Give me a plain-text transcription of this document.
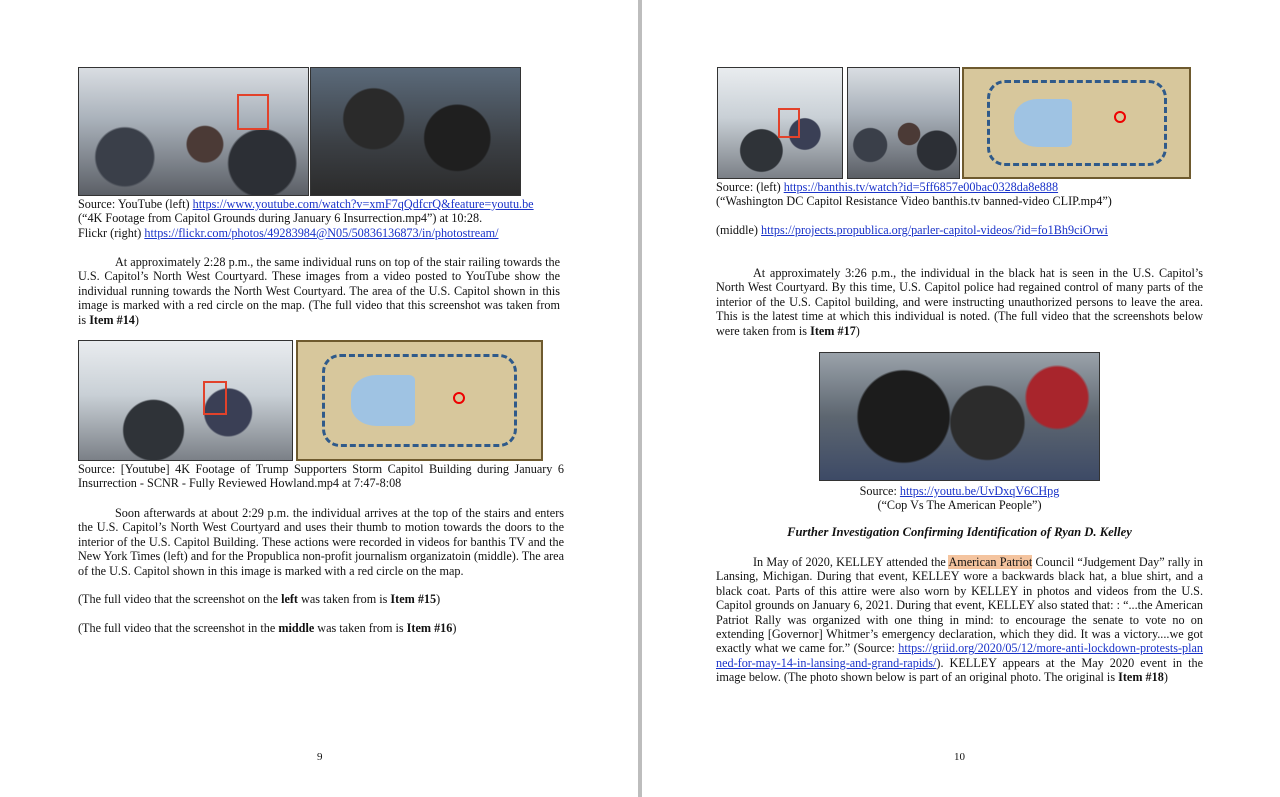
Source: YouTube (left) https://www.youtube.com/watch?v=xmF7qQdfcrQ&feature=youtu.be

(“4K Footage from Capitol Grounds during January 6 Insurrection.mp4”) at 10:28.

Flickr (right) https://flickr.com/photos/49283984@N05/50836136873/in/photostream/

At approximately 2:28 p.m., the same individual runs on top of the stair railing towards the U.S. Capitol’s North West Courtyard. These images from a video posted to YouTube show the individual running towards the North West Courtyard. The area of the U.S. Capitol shown in this image is marked with a red circle on the map. (The full video that this screenshot was taken from is Item #14)

Source: [Youtube] 4K Footage of Trump Supporters Storm Capitol Building during January 6 Insurrection - SCNR - Fully Reviewed Howland.mp4 at 7:47-8:08

Soon afterwards at about 2:29 p.m. the individual arrives at the top of the stairs and enters the U.S. Capitol’s North West Courtyard and uses their thumb to motion towards the doors to the interior of the U.S. Capitol Building. These actions were recorded in videos for banthis TV and the New York Times (left) and for the Propublica non-profit journalism organizatoin (middle). The area of the U.S. Capitol shown in this image is marked with a red circle on the map.

(The full video that the screenshot on the left was taken from is Item #15)

(The full video that the screenshot in the middle was taken from is Item #16)

9

Source: (left) https://banthis.tv/watch?id=5ff6857e00bac0328da8e888

(“Washington DC Capitol Resistance Video banthis.tv banned-video CLIP.mp4”)

(middle) https://projects.propublica.org/parler-capitol-videos/?id=fo1Bh9ciOrwi

At approximately 3:26 p.m., the individual in the black hat is seen in the U.S. Capitol’s North West Courtyard. By this time, U.S. Capitol police had regained control of many parts of the interior of the U.S. Capitol building, and were instructing unauthorized persons to leave the area. This is the latest time at which this individual is noted. (The full video that the screenshots below were taken from is Item #17)

Source: https://youtu.be/UvDxqV6CHpg

(“Cop Vs The American People”)

Further Investigation Confirming Identification of Ryan D. Kelley

In May of 2020, KELLEY attended the American Patriot Council “Judgement Day” rally in Lansing, Michigan. During that event, KELLEY wore a backwards black hat, a blue shirt, and a black coat. Parts of this attire were also worn by KELLEY in photos and videos from the U.S. Capitol grounds on January 6, 2021. During that event, KELLEY also stated that: : “...the American Patriot Rally was organized with one thing in mind: to encourage the senate to vote no on extending [Governor] Whitmer’s emergency declaration, which they did. It was a victory....we got exactly what we came for.” (Source: https://griid.org/2020/05/12/more-anti-lockdown-protests-planned-for-may-14-in-lansing-and-grand-rapids/). KELLEY appears at the May 2020 event in the image below. (The photo shown below is part of an original photo. The original is Item #18)

10
